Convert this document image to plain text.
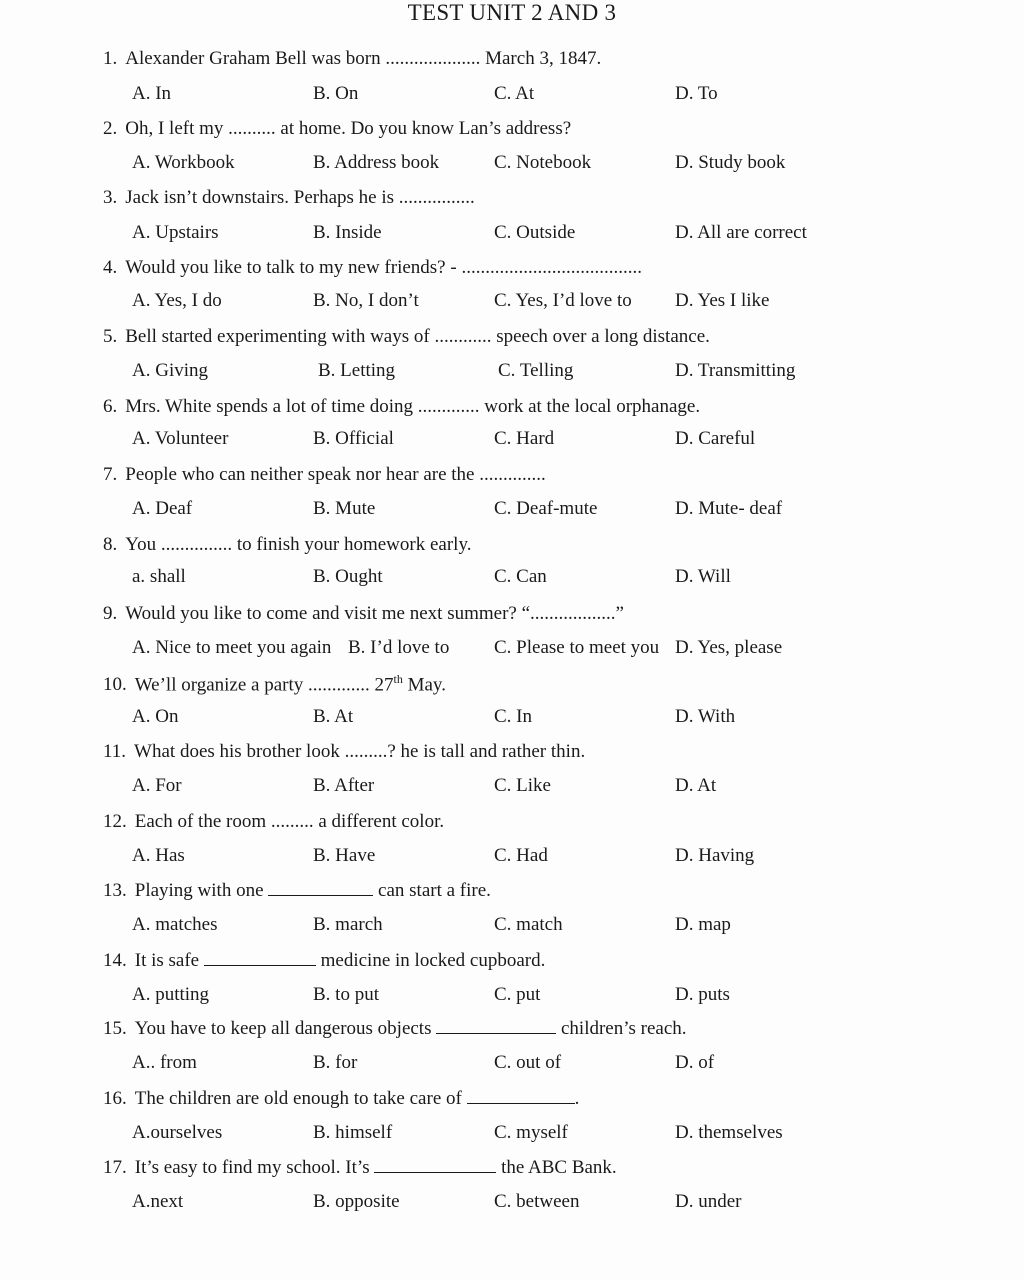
TEST UNIT 2 AND 3
1. Alexander Graham Bell was born .................... March 3, 1847.
A. In	B. On	C. At	D. To
2. Oh, I left my .......... at home. Do you know Lan’s address?
A. Workbook	B. Address book	C. Notebook	D. Study book
3. Jack isn’t downstairs. Perhaps he is ................
A. Upstairs	B. Inside	C. Outside	D. All are correct
4. Would you like to talk to my new friends? - ......................................
A. Yes, I do	B. No, I don’t	C. Yes, I’d love to D. Yes I like
5. Bell started experimenting with ways of ............ speech over a long distance.
A. Giving	B. Letting	C. Telling	D. Transmitting
6. Mrs. White spends a lot of time doing ............. work at the local orphanage.
A. Volunteer	B. Official	C. Hard	D. Careful
7. People who can neither speak nor hear are the ..............
A. Deaf	B. Mute	C. Deaf-mute	D. Mute- deaf
8. You ............... to finish your homework early.
a. shall	B. Ought	C. Can	D. Will
9. Would you like to come and visit me next summer? “..................”
A. Nice to meet you again B. I’d love to C. Please to meet you D. Yes, please
10. We’ll organize a party ............. 27th May.
A. On	B. At	C. In	D. With
11. What does his brother look .........? he is tall and rather thin.
A. For	B. After	C. Like	D. At
12. Each of the room ......... a different color.
A. Has	B. Have	C. Had	D. Having
13. Playing with one	can start a fire.
A. matches	B. march	C. match	D. map
14. It is safe	medicine in locked cupboard.
A. putting	B. to put	C. put	D. puts
15. You have to keep all dangerous objects	children’s reach.
A.. from	B. for	C. out of	D. of
16. The children are old enough to take care of	.
A.ourselves	B. himself	C. myself	D. themselves
17. It’s easy to find my school. It’s	the ABC Bank.
A.next	B. opposite	C. between	D. under
